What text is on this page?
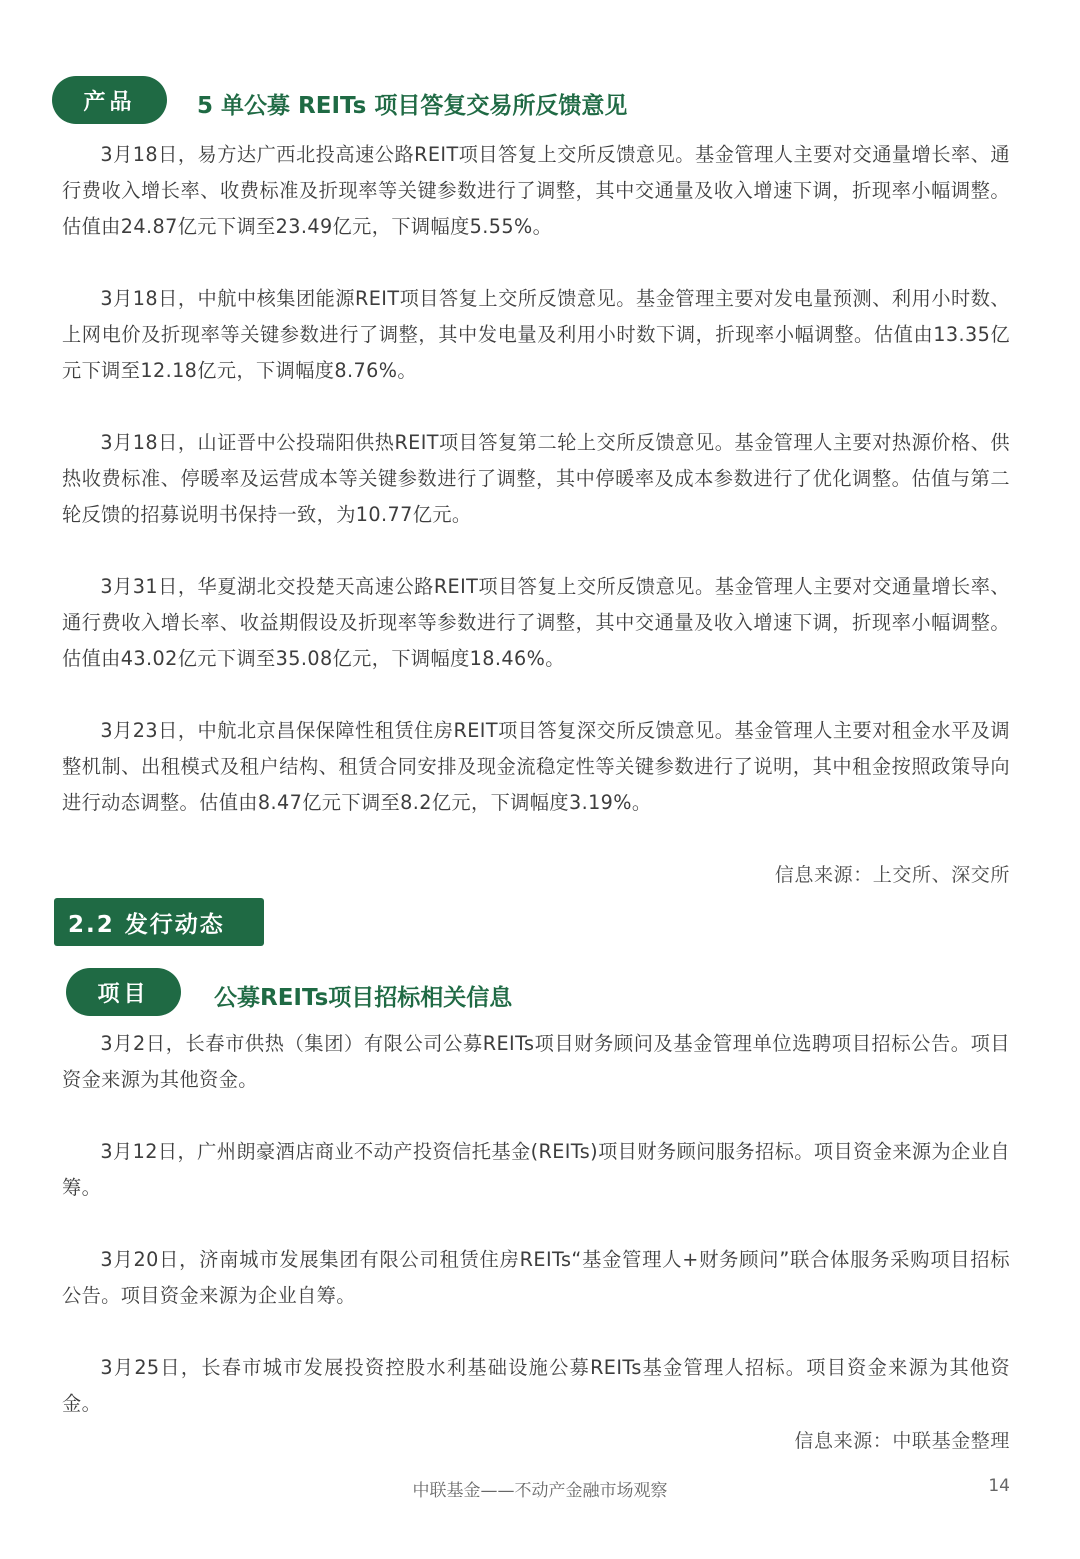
产品	5 单公募 REITs 项目答复交易所反馈意见

3月18日，易方达广西北投高速公路REIT项目答复上交所反馈意见。基金管理人主要对交通量增长率、通行费收入增长率、收费标准及折现率等关键参数进行了调整，其中交通量及收入增速下调，折现率小幅调整。估值由24.87亿元下调至23.49亿元，下调幅度5.55%。

3月18日，中航中核集团能源REIT项目答复上交所反馈意见。基金管理主要对发电量预测、利用小时数、上网电价及折现率等关键参数进行了调整，其中发电量及利用小时数下调，折现率小幅调整。估值由13.35亿元下调至12.18亿元，下调幅度8.76%。

3月18日，山证晋中公投瑞阳供热REIT项目答复第二轮上交所反馈意见。基金管理人主要对热源价格、供热收费标准、停暖率及运营成本等关键参数进行了调整，其中停暖率及成本参数进行了优化调整。估值与第二轮反馈的招募说明书保持一致，为10.77亿元。

3月31日，华夏湖北交投楚天高速公路REIT项目答复上交所反馈意见。基金管理人主要对交通量增长率、通行费收入增长率、收益期假设及折现率等参数进行了调整，其中交通量及收入增速下调，折现率小幅调整。估值由43.02亿元下调至35.08亿元，下调幅度18.46%。

3月23日，中航北京昌保保障性租赁住房REIT项目答复深交所反馈意见。基金管理人主要对租金水平及调整机制、出租模式及租户结构、租赁合同安排及现金流稳定性等关键参数进行了说明，其中租金按照政策导向进行动态调整。估值由8.47亿元下调至8.2亿元，下调幅度3.19%。

信息来源：上交所、深交所
2.2 发行动态
项目	公募REITs项目招标相关信息

3月2日，长春市供热（集团）有限公司公募REITs项目财务顾问及基金管理单位选聘项目招标公告。项目资金来源为其他资金。

3月12日，广州朗豪酒店商业不动产投资信托基金(REITs)项目财务顾问服务招标。项目资金来源为企业自筹。

3月20日，济南城市发展集团有限公司租赁住房REITs“基金管理人+财务顾问”联合体服务采购项目招标公告。项目资金来源为企业自筹。

3月25日，长春市城市发展投资控股水利基础设施公募REITs基金管理人招标。项目资金来源为其他资金。

信息来源：中联基金整理
中联基金——不动产金融市场观察	14
